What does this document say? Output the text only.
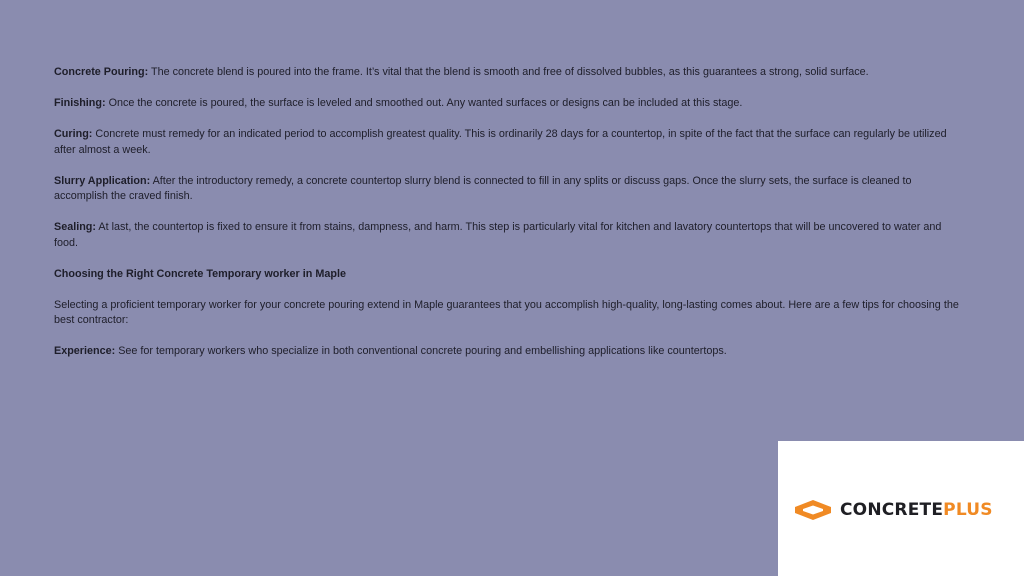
Concrete Pouring: The concrete blend is poured into the frame. It’s vital that the blend is smooth and free of dissolved bubbles, as this guarantees a strong, solid surface.

Finishing: Once the concrete is poured, the surface is leveled and smoothed out. Any wanted surfaces or designs can be included at this stage.

Curing: Concrete must remedy for an indicated period to accomplish greatest quality. This is ordinarily 28 days for a countertop, in spite of the fact that the surface can regularly be utilized after almost a week.

Slurry Application: After the introductory remedy, a concrete countertop slurry blend is connected to fill in any splits or discuss gaps. Once the slurry sets, the surface is cleaned to accomplish the craved finish.

Sealing: At last, the countertop is fixed to ensure it from stains, dampness, and harm. This step is particularly vital for kitchen and lavatory countertops that will be uncovered to water and food.

Choosing the Right Concrete Temporary worker in Maple

Selecting a proficient temporary worker for your concrete pouring extend in Maple guarantees that you accomplish high-quality, long-lasting comes about. Here are a few tips for choosing the best contractor:

Experience: See for temporary workers who specialize in both conventional concrete pouring and embellishing applications like countertops.

CONCRETEPLUS
